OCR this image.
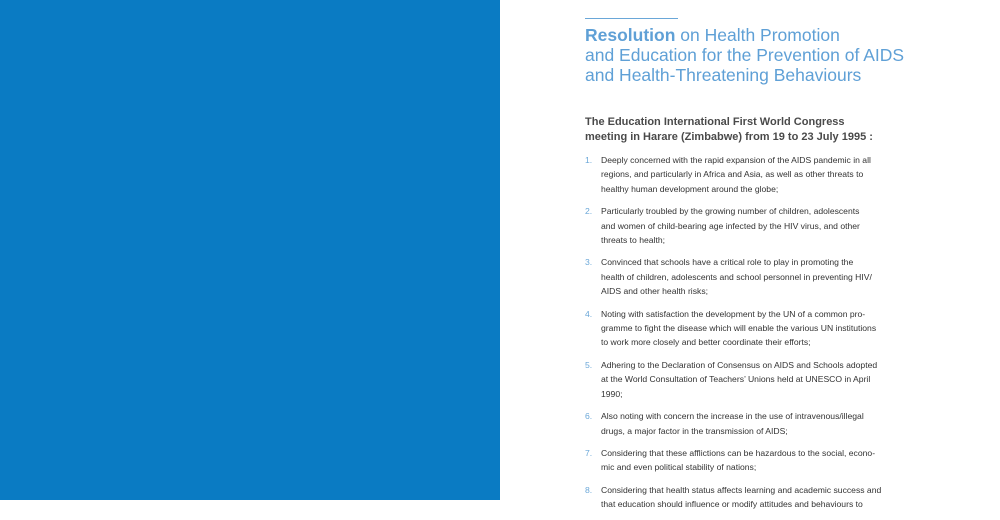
Resolution on Health Promotion
and Education for the Prevention of AIDS
and Health-Threatening Behaviours
The Education International First World Congress
meeting in Harare (Zimbabwe) from 19 to 23 July 1995 :
1. Deeply concerned with the rapid expansion of the AIDS pandemic in all
regions, and particularly in Africa and Asia, as well as other threats to
healthy human development around the globe;
2. Particularly troubled by the growing number of children, adolescents
and women of child-bearing age infected by the HIV virus, and other
threats to health;
3. Convinced that schools have a critical role to play in promoting the
health of children, adolescents and school personnel in preventing HIV/
AIDS and other health risks;
4. Noting with satisfaction the development by the UN of a common pro-
gramme to fight the disease which will enable the various UN institutions
to work more closely and better coordinate their efforts;
5. Adhering to the Declaration of Consensus on AIDS and Schools adopted
at the World Consultation of Teachers’ Unions held at UNESCO in April
1990;
6. Also noting with concern the increase in the use of intravenous/illegal
drugs, a major factor in the transmission of AIDS;
7. Considering that these afflictions can be hazardous to the social, econo-
mic and even political stability of nations;
8. Considering that health status affects learning and academic success and
that education should influence or modify attitudes and behaviours to
